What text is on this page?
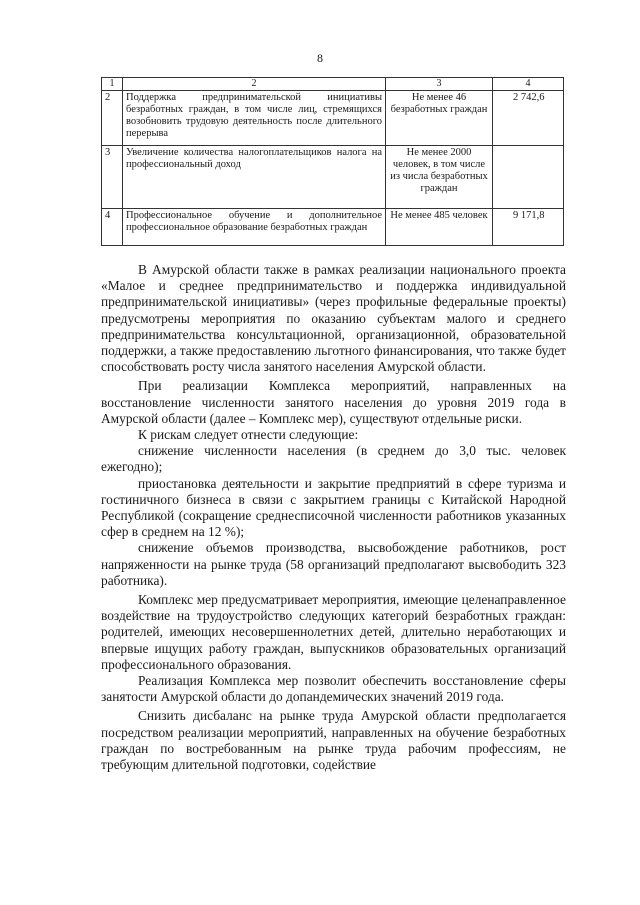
8
1	2	3	4
2	Поддержка предпринимательской инициативы безработных граждан, в том числе лиц, стремящихся возобновить трудовую деятельность после длительного перерыва	Не менее 46 безработных граждан	2 742,6
3	Увеличение количества налогоплательщиков налога на профессиональный доход	Не менее 2000 человек, в том числе из числа безработных граждан	
4	Профессиональное обучение и дополнительное профессиональное образование безработных граждан	Не менее 485 человек	9 171,8

В Амурской области также в рамках реализации национального проекта «Малое и среднее предпринимательство и поддержка индивидуальной предпринимательской инициативы» (через профильные федеральные проекты) предусмотрены мероприятия по оказанию субъектам малого и среднего предпринимательства консультационной, организационной, образовательной поддержки, а также предоставлению льготного финансирования, что также будет способствовать росту числа занятого населения Амурской области.

При реализации Комплекса мероприятий, направленных на восстановление численности занятого населения до уровня 2019 года в Амурской области (далее – Комплекс мер), существуют отдельные риски.

К рискам следует отнести следующие:

снижение численности населения (в среднем до 3,0 тыс. человек ежегодно);

приостановка деятельности и закрытие предприятий в сфере туризма и гостиничного бизнеса в связи с закрытием границы с Китайской Народной Республикой (сокращение среднесписочной численности работников указанных сфер в среднем на 12 %);

снижение объемов производства, высвобождение работников, рост напряженности на рынке труда (58 организаций предполагают высвободить 323 работника).

Комплекс мер предусматривает мероприятия, имеющие целенаправленное воздействие на трудоустройство следующих категорий безработных граждан: родителей, имеющих несовершеннолетних детей, длительно неработающих и впервые ищущих работу граждан, выпускников образовательных организаций профессионального образования.

Реализация Комплекса мер позволит обеспечить восстановление сферы занятости Амурской области до допандемических значений 2019 года.

Снизить дисбаланс на рынке труда Амурской области предполагается посредством реализации мероприятий, направленных на обучение безработных граждан по востребованным на рынке труда рабочим профессиям, не требующим длительной подготовки, содействие
